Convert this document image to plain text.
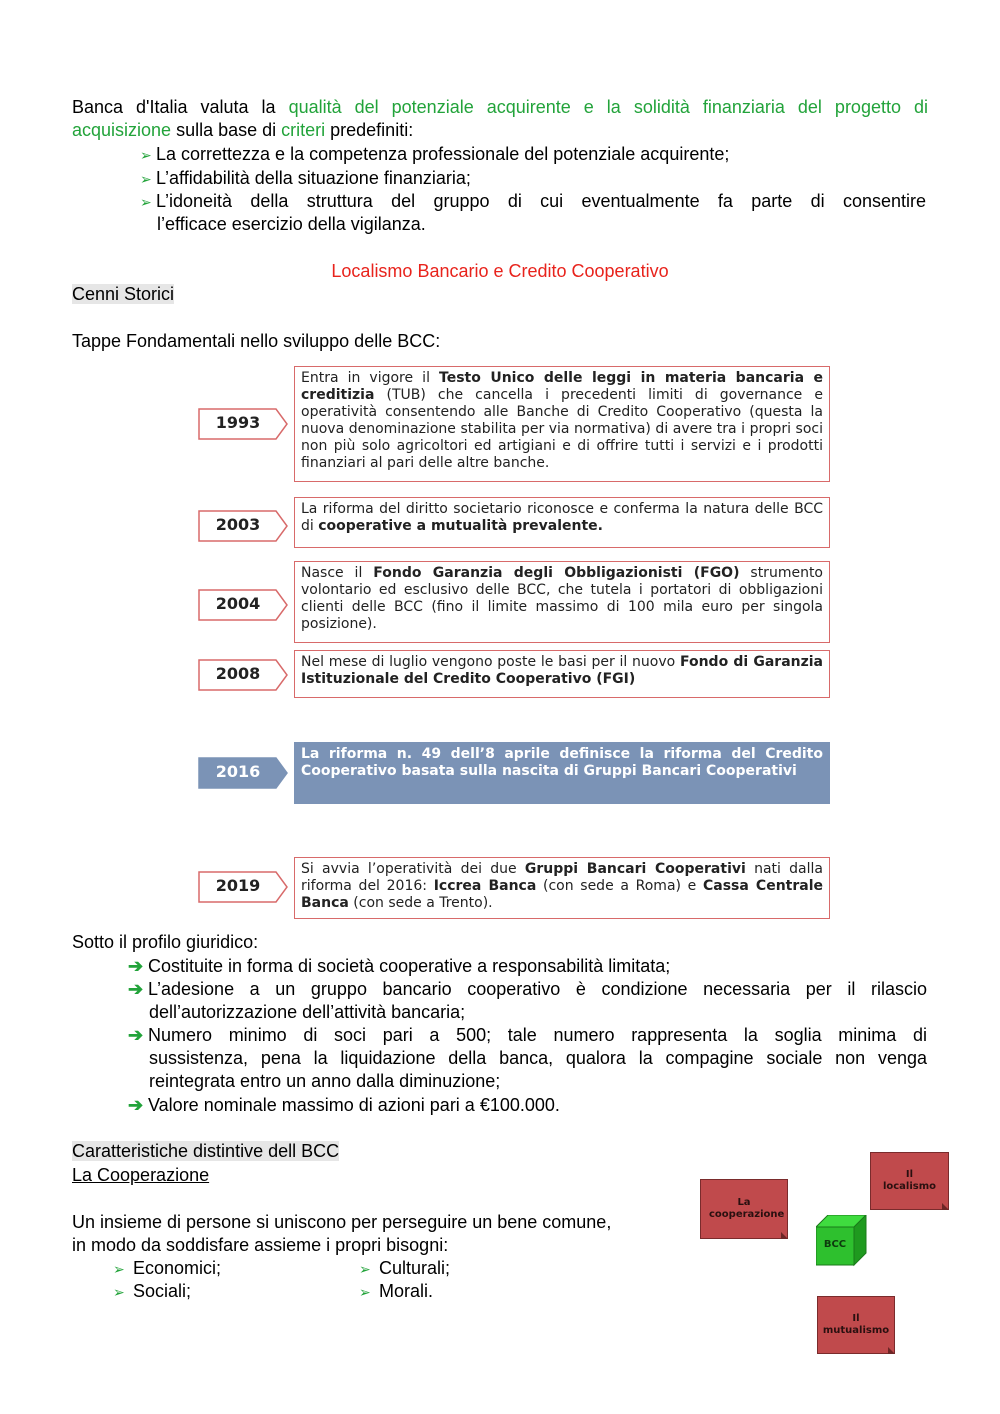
Banca d'Italia valuta la qualità del potenziale acquirente e la solidità finanziaria del progetto di
acquisizione sulla base di criteri predefiniti:
➢ La correttezza e la competenza professionale del potenziale acquirente;
➢ L’affidabilità della situazione finanziaria;
➢ L’idoneità della struttura del gruppo di cui eventualmente fa parte di consentire
l’efficace esercizio della vigilanza.
Localismo Bancario e Credito Cooperativo
Cenni Storici
Tappe Fondamentali nello sviluppo delle BCC:
1993
Entra in vigore il Testo Unico delle leggi in materia bancaria e creditizia (TUB) che cancella i precedenti limiti di governance e operatività consentendo alle Banche di Credito Cooperativo (questa la nuova denominazione stabilita per via normativa) di avere tra i propri soci non più solo agricoltori ed artigiani e di offrire tutti i servizi e i prodotti finanziari al pari delle altre banche.
2003
La riforma del diritto societario riconosce e conferma la natura delle BCC di cooperative a mutualità prevalente.
2004
Nasce il Fondo Garanzia degli Obbligazionisti (FGO) strumento volontario ed esclusivo delle BCC, che tutela i portatori di obbligazioni clienti delle BCC (fino il limite massimo di 100 mila euro per singola posizione).
2008
Nel mese di luglio vengono poste le basi per il nuovo Fondo di Garanzia Istituzionale del Credito Cooperativo (FGI)
2016
La riforma n. 49 dell’8 aprile definisce la riforma del Credito Cooperativo basata sulla nascita di Gruppi Bancari Cooperativi
2019
Si avvia l’operatività dei due Gruppi Bancari Cooperativi nati dalla riforma del 2016: Iccrea Banca (con sede a Roma) e Cassa Centrale Banca (con sede a Trento).
Sotto il profilo giuridico:
➔ Costituite in forma di società cooperative a responsabilità limitata;
➔ L’adesione a un gruppo bancario cooperativo è condizione necessaria per il rilascio
dell’autorizzazione dell’attività bancaria;
➔ Numero minimo di soci pari a 500; tale numero rappresenta la soglia minima di
sussistenza, pena la liquidazione della banca, qualora la compagine sociale non venga
reintegrata entro un anno dalla diminuzione;
➔ Valore nominale massimo di azioni pari a €100.000.
Caratteristiche distintive dell BCC
La Cooperazione
Un insieme di persone si uniscono per perseguire un bene comune,
in modo da soddisfare assieme i propri bisogni:
➢ Economici;	➢ Culturali;
➢ Sociali;	➢ Morali.
La cooperazione
Il localismo
BCC
Il mutualismo
